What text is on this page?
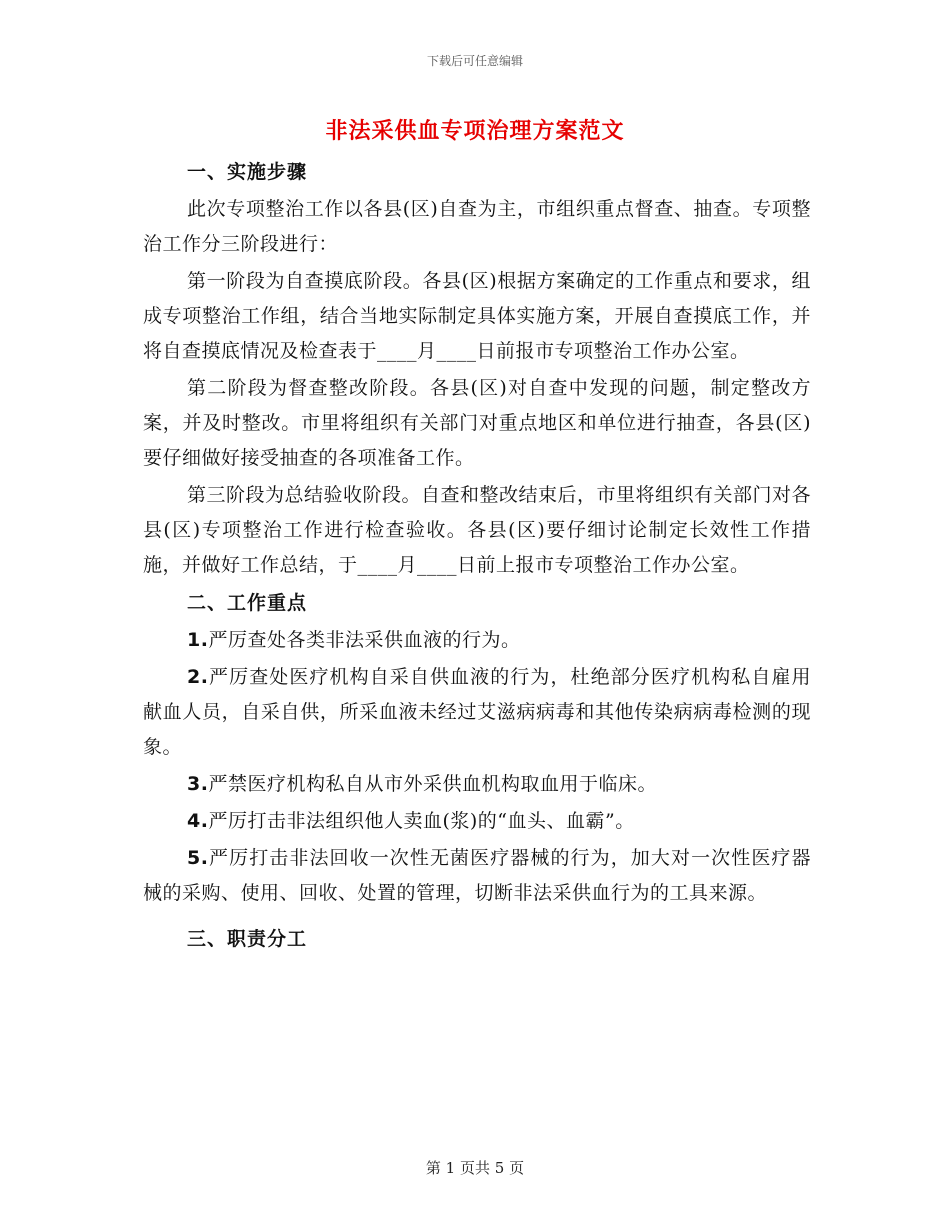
下载后可任意编辑
非法采供血专项治理方案范文
一、实施步骤

此次专项整治工作以各县(区)自查为主，市组织重点督查、抽查。专项整治工作分三阶段进行：

第一阶段为自查摸底阶段。各县(区)根据方案确定的工作重点和要求，组成专项整治工作组，结合当地实际制定具体实施方案，开展自查摸底工作，并将自查摸底情况及检查表于____月____日前报市专项整治工作办公室。

第二阶段为督查整改阶段。各县(区)对自查中发现的问题，制定整改方案，并及时整改。市里将组织有关部门对重点地区和单位进行抽查，各县(区)要仔细做好接受抽查的各项准备工作。

第三阶段为总结验收阶段。自查和整改结束后，市里将组织有关部门对各县(区)专项整治工作进行检查验收。各县(区)要仔细讨论制定长效性工作措施，并做好工作总结，于____月____日前上报市专项整治工作办公室。

二、工作重点

1.严厉查处各类非法采供血液的行为。

2.严厉查处医疗机构自采自供血液的行为，杜绝部分医疗机构私自雇用献血人员，自采自供，所采血液未经过艾滋病病毒和其他传染病病毒检测的现象。

3.严禁医疗机构私自从市外采供血机构取血用于临床。

4.严厉打击非法组织他人卖血(浆)的“血头、血霸”。

5.严厉打击非法回收一次性无菌医疗器械的行为，加大对一次性医疗器械的采购、使用、回收、处置的管理，切断非法采供血行为的工具来源。

三、职责分工
第 1 页共 5 页
